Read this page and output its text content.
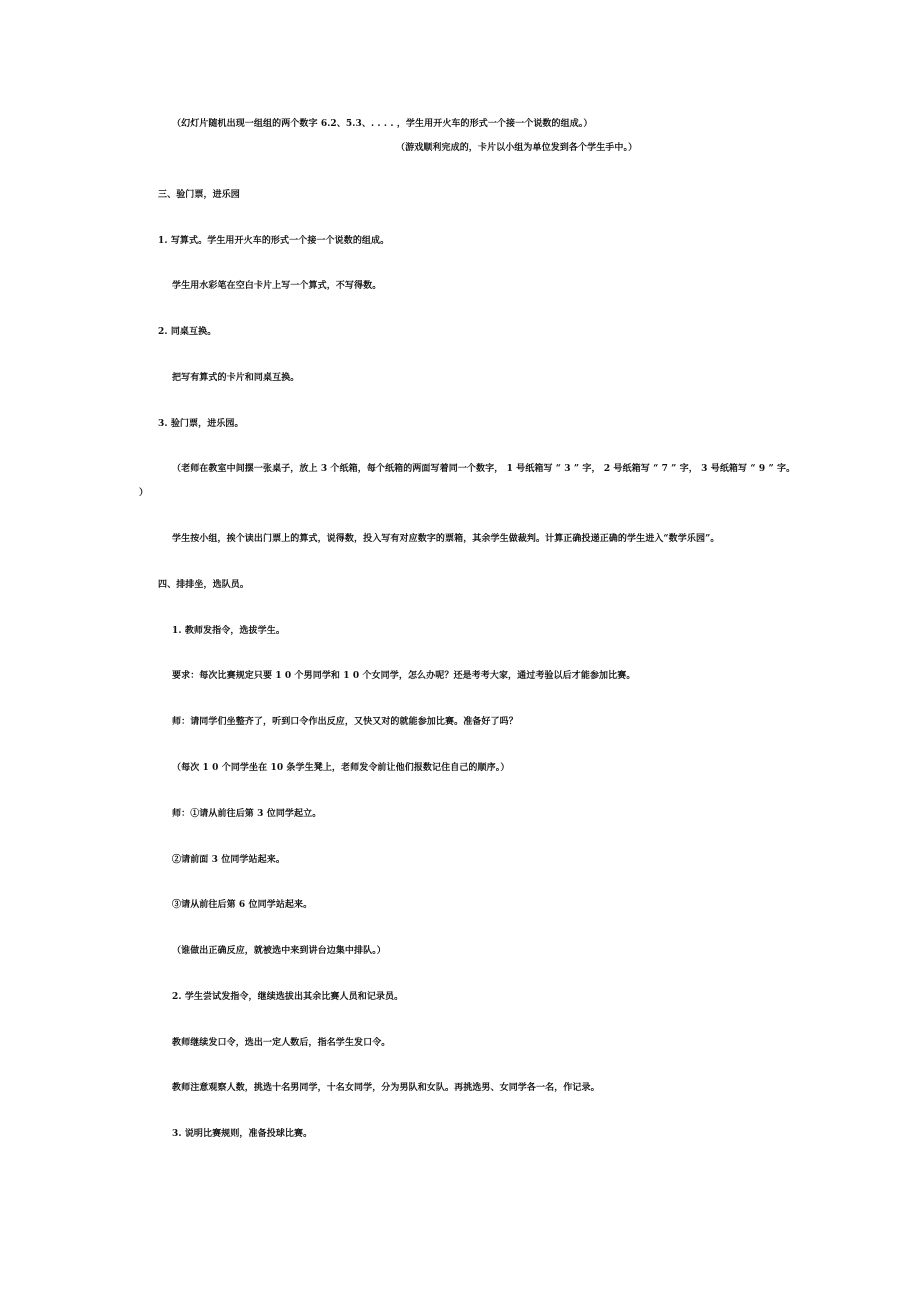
（幻灯片随机出现一组组的两个数字 6.2、5.3、. . . . ，学生用开火车的形式一个接一个说数的组成。）
（游戏顺利完成的，卡片以小组为单位发到各个学生手中。）
三、验门票，进乐园
1. 写算式。学生用开火车的形式一个接一个说数的组成。
学生用水彩笔在空白卡片上写一个算式，不写得数。
2. 同桌互换。
把写有算式的卡片和同桌互换。
3. 验门票，进乐园。
（老师在教室中间摆一张桌子，放上 3 个纸箱，每个纸箱的两面写着同一个数字， 1 号纸箱写 “ 3 ” 字， 2 号纸箱写 “ 7 ” 字， 3 号纸箱写 “ 9 ” 字。
）
学生按小组，挨个读出门票上的算式，说得数，投入写有对应数字的票箱，其余学生做裁判。计算正确投递正确的学生进入“数学乐园”。
四、排排坐，选队员。
1. 教师发指令，选拔学生。
要求：每次比赛规定只要 1 0 个男同学和 1 0 个女同学，怎么办呢？还是考考大家，通过考验以后才能参加比赛。
师：请同学们坐整齐了，听到口令作出反应，又快又对的就能参加比赛。准备好了吗？
（每次 1 0 个同学坐在 10 条学生凳上，老师发令前让他们报数记住自己的顺序。）
师：①请从前往后第 3 位同学起立。
②请前面 3 位同学站起来。
③请从前往后第 6 位同学站起来。
（谁做出正确反应，就被选中来到讲台边集中排队。）
2. 学生尝试发指令，继续选拔出其余比赛人员和记录员。
教师继续发口令，选出一定人数后，指名学生发口令。
教师注意观察人数，挑选十名男同学，十名女同学，分为男队和女队。再挑选男、女同学各一名，作记录。
3. 说明比赛规则，准备投球比赛。
